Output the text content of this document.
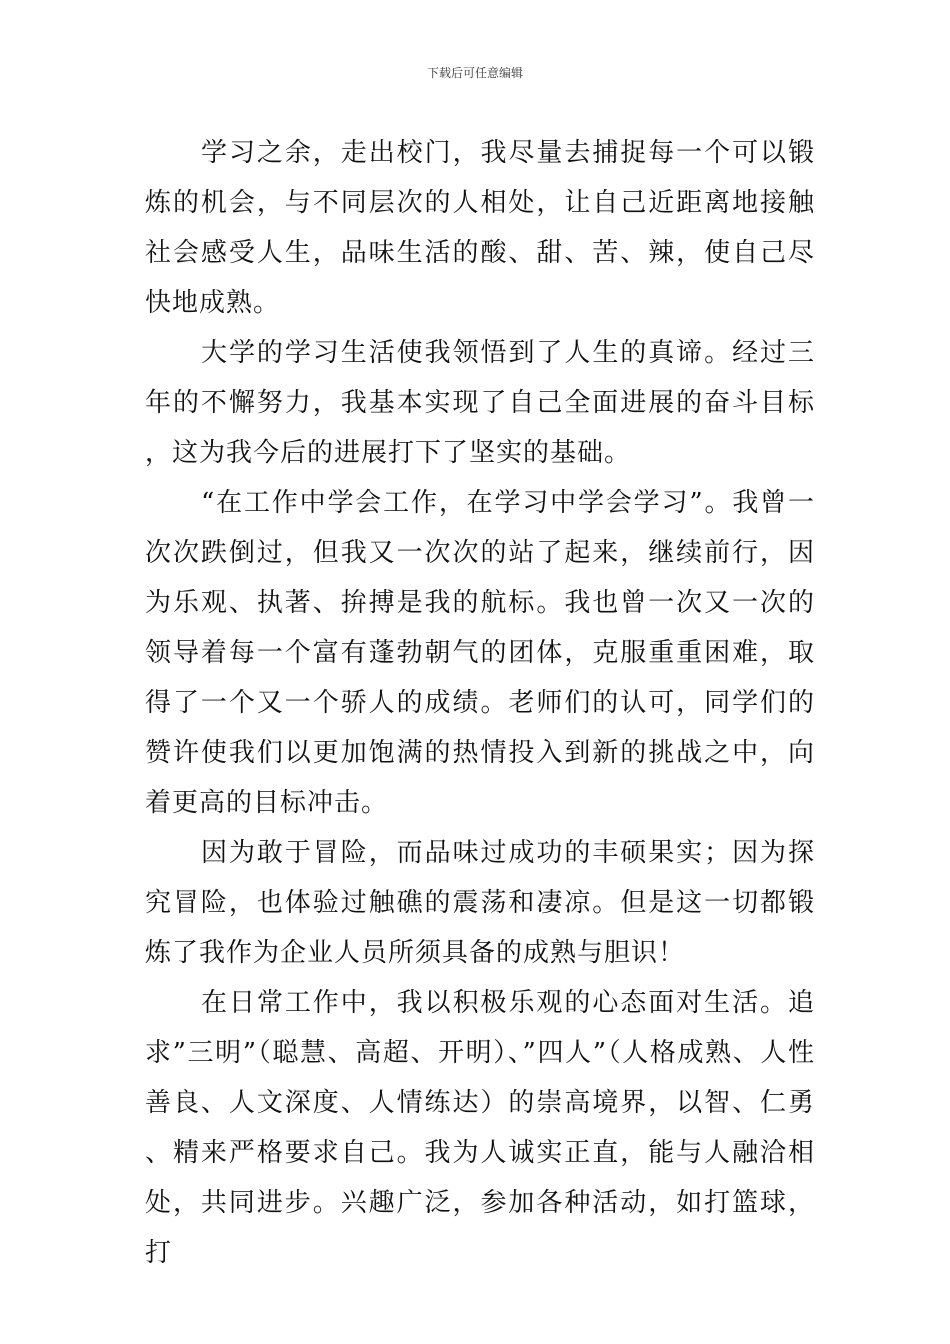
下载后可任意编辑

学习之余，走出校门，我尽量去捕捉每一个可以锻炼的机会，与不同层次的人相处，让自己近距离地接触社会感受人生，品味生活的酸、甜、苦、辣，使自己尽快地成熟。

大学的学习生活使我领悟到了人生的真谛。经过三年的不懈努力，我基本实现了自己全面进展的奋斗目标，这为我今后的进展打下了坚实的基础。

“在工作中学会工作，在学习中学会学习”。我曾一次次跌倒过，但我又一次次的站了起来，继续前行，因为乐观、执著、拚搏是我的航标。我也曾一次又一次的领导着每一个富有蓬勃朝气的团体，克服重重困难，取得了一个又一个骄人的成绩。老师们的认可，同学们的赞许使我们以更加饱满的热情投入到新的挑战之中，向着更高的目标冲击。

因为敢于冒险，而品味过成功的丰硕果实；因为探究冒险，也体验过触礁的震荡和凄凉。但是这一切都锻炼了我作为企业人员所须具备的成熟与胆识！

在日常工作中，我以积极乐观的心态面对生活。追求”三明”（聪慧、高超、开明）、”四人”（人格成熟、人性善良、人文深度、人情练达）的崇高境界，以智、仁勇、精来严格要求自己。我为人诚实正直，能与人融洽相处，共同进步。兴趣广泛，参加各种活动，如打篮球，打
